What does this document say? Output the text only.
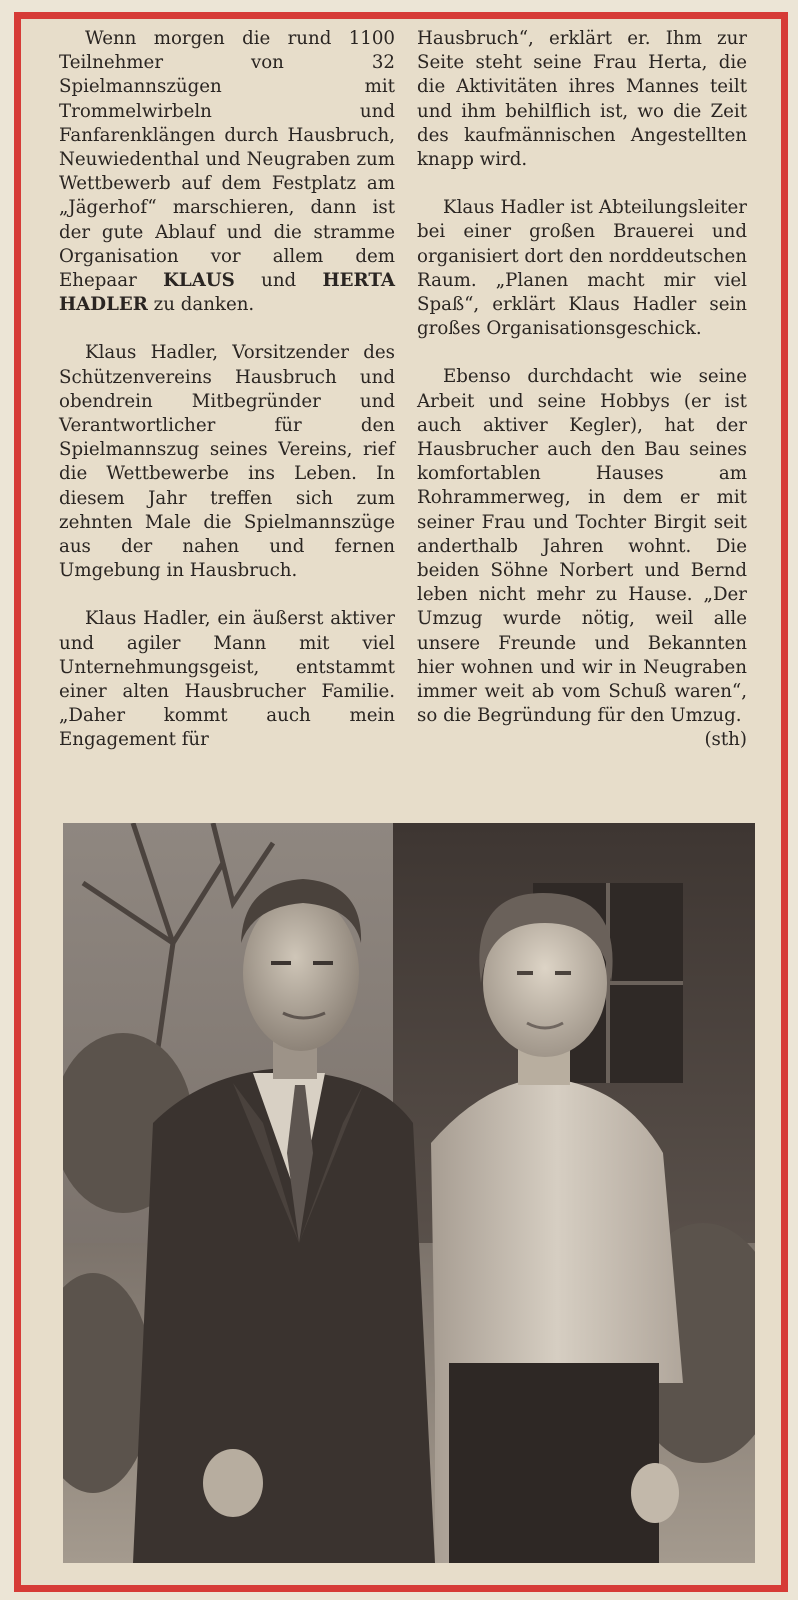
Wenn morgen die rund 1100 Teilnehmer von 32 Spielmannszügen mit Trommelwirbeln und Fanfarenklängen durch Hausbruch, Neuwiedenthal und Neugraben zum Wettbewerb auf dem Festplatz am „Jägerhof“ marschieren, dann ist der gute Ablauf und die stramme Organisation vor allem dem Ehepaar KLAUS und HERTA HADLER zu danken.

Klaus Hadler, Vorsitzender des Schützenvereins Hausbruch und obendrein Mitbegründer und Verantwortlicher für den Spielmannszug seines Vereins, rief die Wettbewerbe ins Leben. In diesem Jahr treffen sich zum zehnten Male die Spielmannszüge aus der nahen und fernen Umgebung in Hausbruch.

Klaus Hadler, ein äußerst aktiver und agiler Mann mit viel Unternehmungsgeist, entstammt einer alten Hausbrucher Familie. „Daher kommt auch mein Engagement für

Hausbruch“, erklärt er. Ihm zur Seite steht seine Frau Herta, die die Aktivitäten ihres Mannes teilt und ihm behilflich ist, wo die Zeit des kaufmännischen Angestellten knapp wird.

Klaus Hadler ist Abteilungsleiter bei einer großen Brauerei und organisiert dort den norddeutschen Raum. „Planen macht mir viel Spaß“, erklärt Klaus Hadler sein großes Organisationsgeschick.

Ebenso durchdacht wie seine Arbeit und seine Hobbys (er ist auch aktiver Kegler), hat der Hausbrucher auch den Bau seines komfortablen Hauses am Rohrammerweg, in dem er mit seiner Frau und Tochter Birgit seit anderthalb Jahren wohnt. Die beiden Söhne Norbert und Bernd leben nicht mehr zu Hause. „Der Umzug wurde nötig, weil alle unsere Freunde und Bekannten hier wohnen und wir in Neugraben immer weit ab vom Schuß waren“, so die Begründung für den Umzug.
(sth)
